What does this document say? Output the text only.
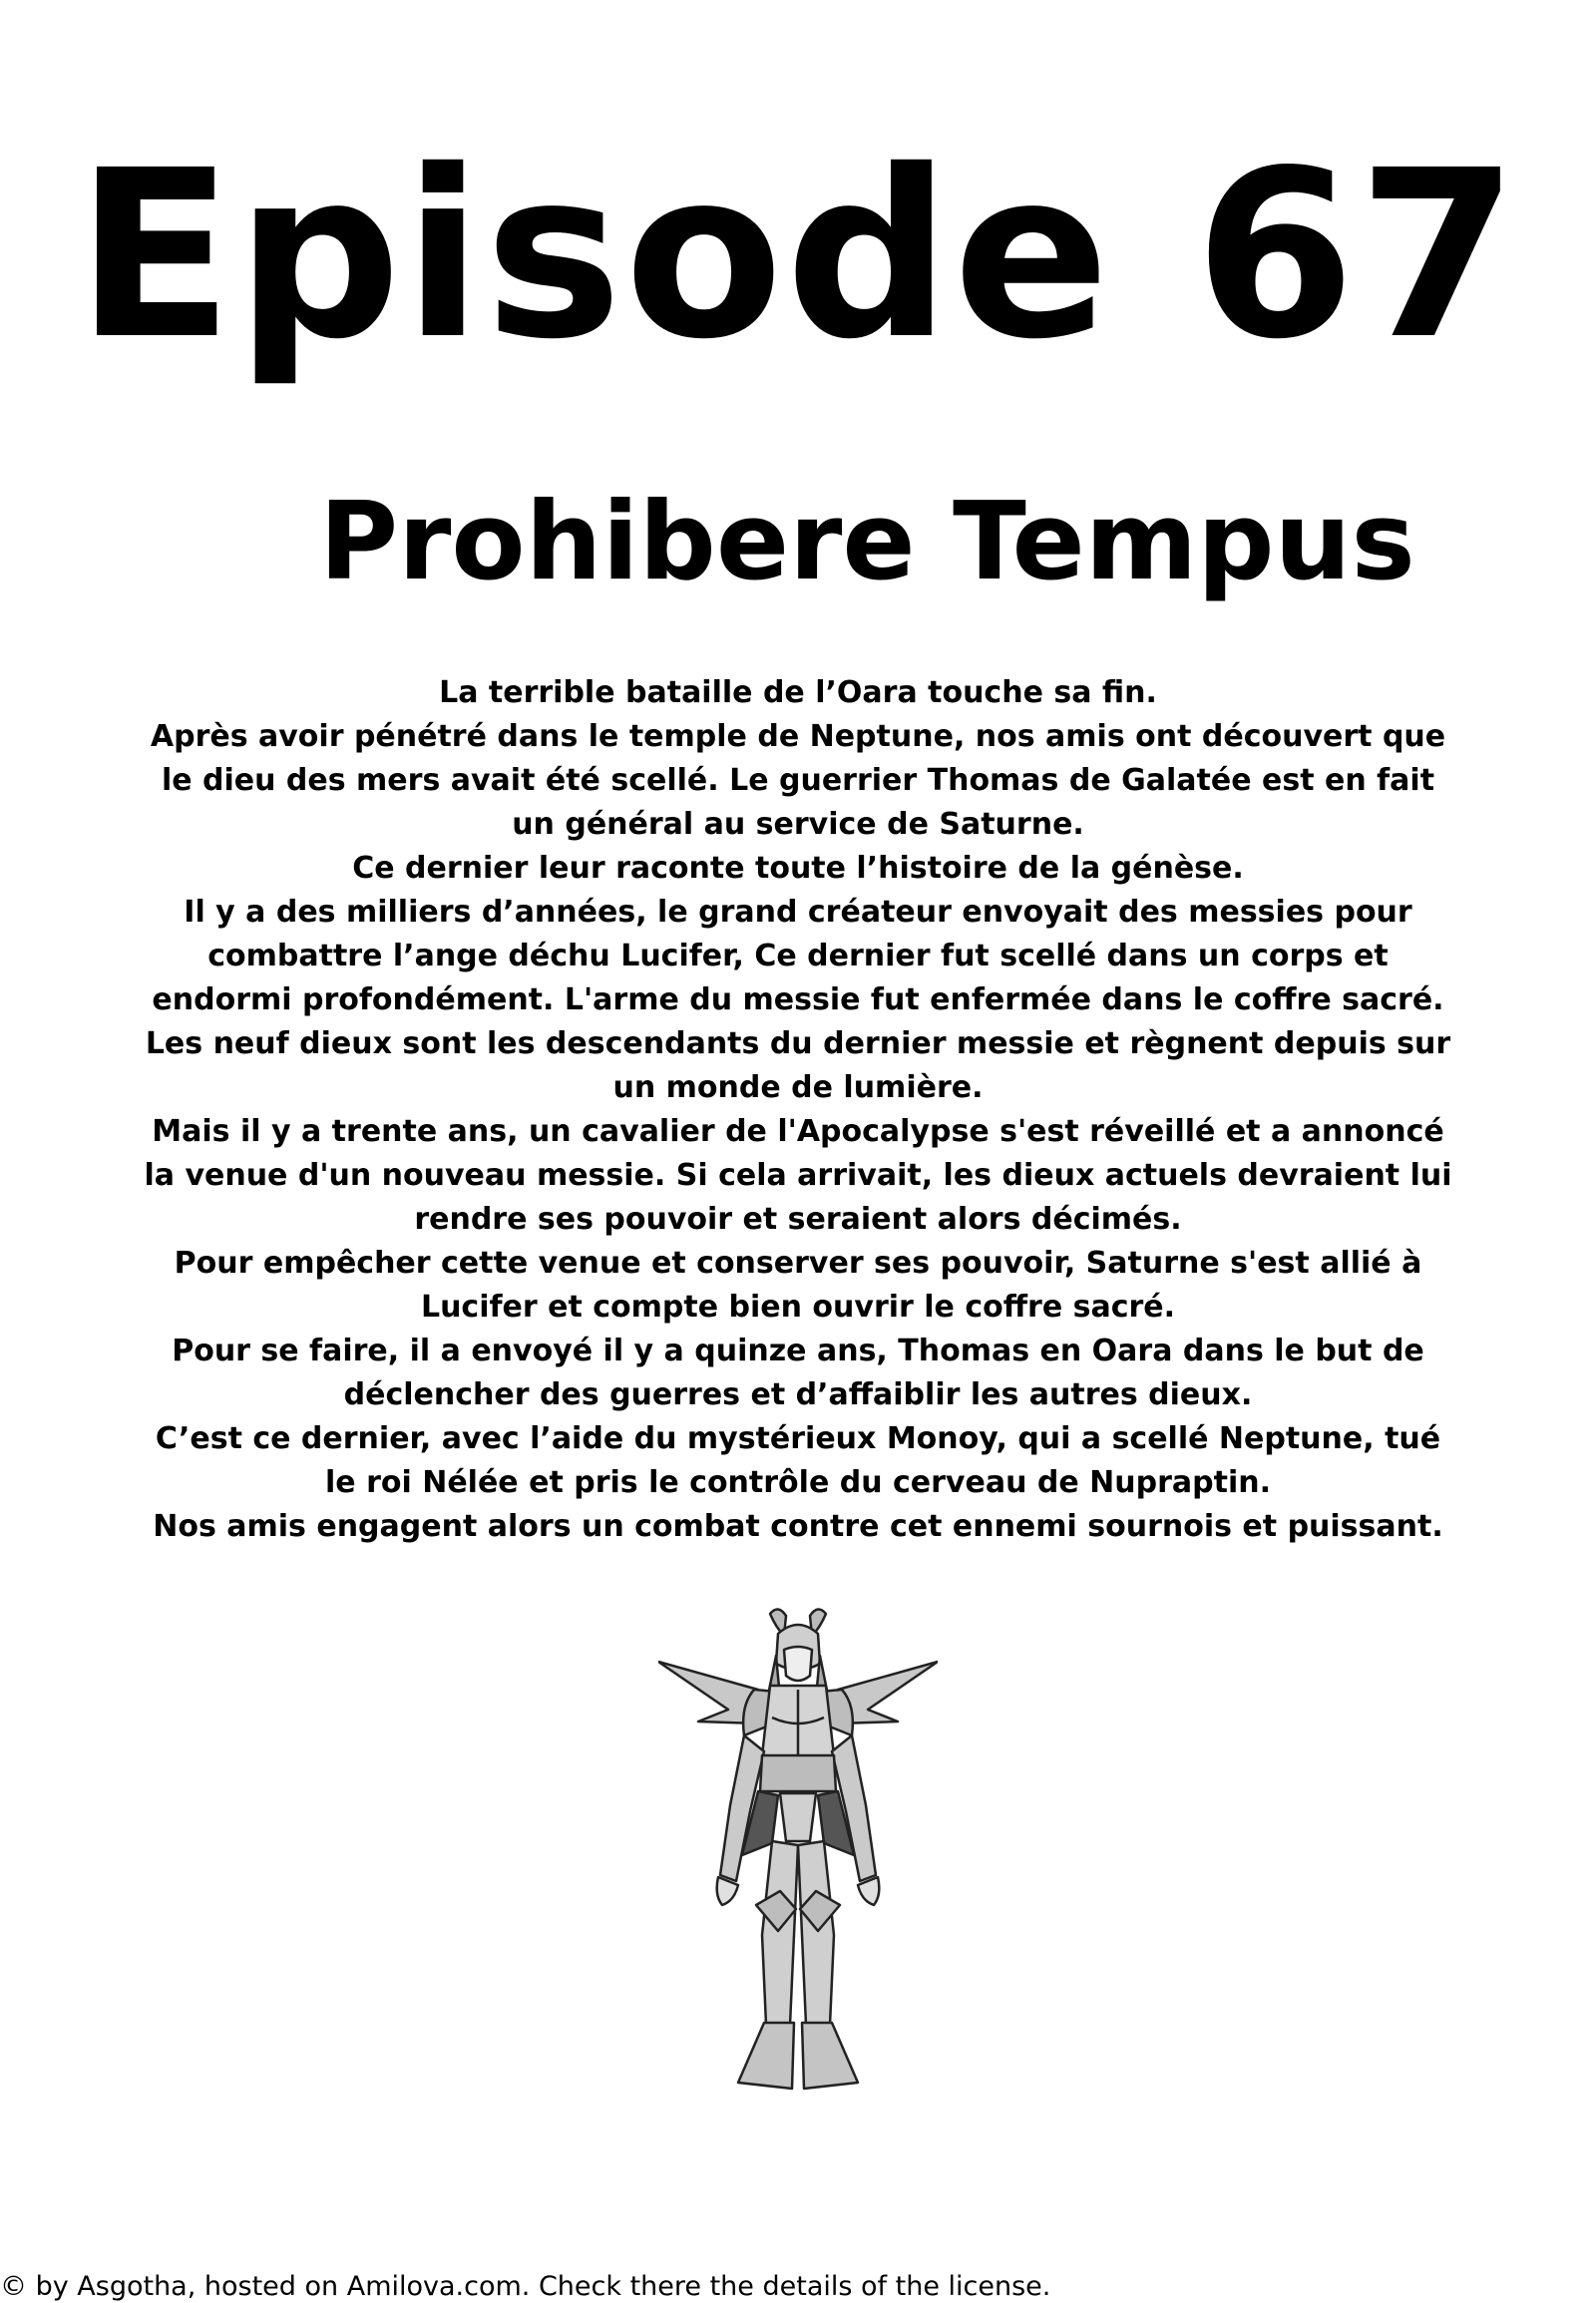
Episode 67
Prohibere Tempus

La terrible bataille de l’Oara touche sa fin.

Après avoir pénétré dans le temple de Neptune, nos amis ont découvert que le dieu des mers avait été scellé. Le guerrier Thomas de Galatée est en fait un général au service de Saturne.

Ce dernier leur raconte toute l’histoire de la génèse.

Il y a des milliers d’années, le grand créateur envoyait des messies pour combattre l’ange déchu Lucifer, Ce dernier fut scellé dans un corps et endormi profondément. L'arme du messie fut enfermée dans le coffre sacré.

Les neuf dieux sont les descendants du dernier messie et règnent depuis sur un monde de lumière.

Mais il y a trente ans, un cavalier de l'Apocalypse s'est réveillé et a annoncé la venue d'un nouveau messie. Si cela arrivait, les dieux actuels devraient lui rendre ses pouvoir et seraient alors décimés.

Pour empêcher cette venue et conserver ses pouvoir, Saturne s'est allié à Lucifer et compte bien ouvrir le coffre sacré.

Pour se faire, il a envoyé il y a quinze ans, Thomas en Oara dans le but de déclencher des guerres et d’affaiblir les autres dieux.

C’est ce dernier, avec l’aide du mystérieux Monoy, qui a scellé Neptune, tué le roi Nélée et pris le contrôle du cerveau de Nupraptin.

Nos amis engagent alors un combat contre cet ennemi sournois et puissant.

© by Asgotha, hosted on Amilova.com. Check there the details of the license.
